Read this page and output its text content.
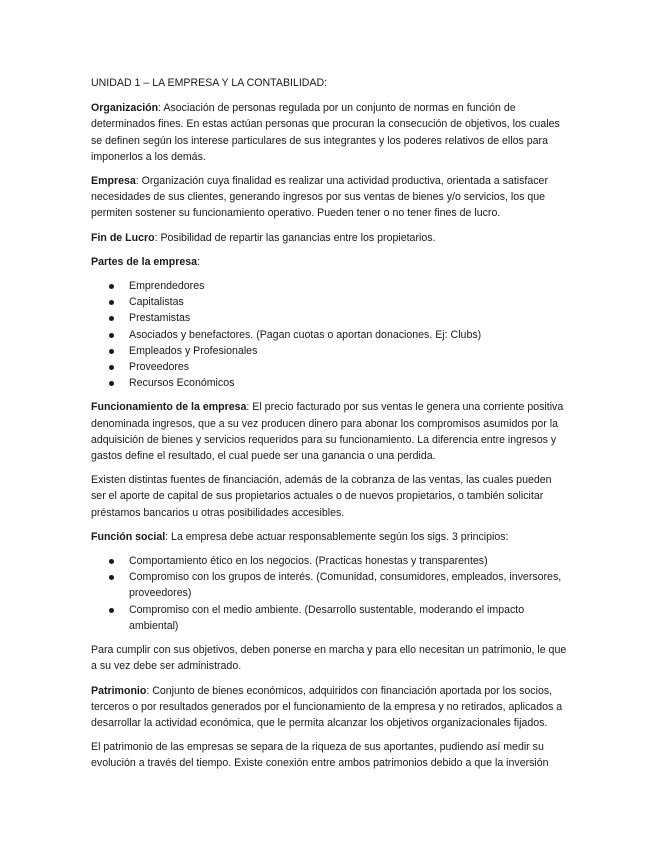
UNIDAD 1 – LA EMPRESA Y LA CONTABILIDAD:

Organización: Asociación de personas regulada por un conjunto de normas en función de determinados fines. En estas actúan personas que procuran la consecución de objetivos, los cuales se definen según los interese particulares de sus integrantes y los poderes relativos de ellos para imponerlos a los demás.

Empresa: Organización cuya finalidad es realizar una actividad productiva, orientada a satisfacer necesidades de sus clientes, generando ingresos por sus ventas de bienes y/o servicios, los que permiten sostener su funcionamiento operativo. Pueden tener o no tener fines de lucro.

Fin de Lucro: Posibilidad de repartir las ganancias entre los propietarios.

Partes de la empresa:

Emprendedores
Capitalistas
Prestamistas
Asociados y benefactores. (Pagan cuotas o aportan donaciones. Ej: Clubs)
Empleados y Profesionales
Proveedores
Recursos Económicos

Funcionamiento de la empresa: El precio facturado por sus ventas le genera una corriente positiva denominada ingresos, que a su vez producen dinero para abonar los compromisos asumidos por la adquisición de bienes y servicios requeridos para su funcionamiento. La diferencia entre ingresos y gastos define el resultado, el cual puede ser una ganancia o una perdida.

Existen distintas fuentes de financiación, además de la cobranza de las ventas, las cuales pueden ser el aporte de capital de sus propietarios actuales o de nuevos propietarios, o también solicitar préstamos bancarios u otras posibilidades accesibles.

Función social: La empresa debe actuar responsablemente según los sigs. 3 principios:

Comportamiento ético en los negocios. (Practicas honestas y transparentes)
Compromiso con los grupos de interés. (Comunidad, consumidores, empleados, inversores, proveedores)
Compromiso con el medio ambiente. (Desarrollo sustentable, moderando el impacto ambiental)

Para cumplir con sus objetivos, deben ponerse en marcha y para ello necesitan un patrimonio, le que a su vez debe ser administrado.

Patrimonio: Conjunto de bienes económicos, adquiridos con financiación aportada por los socios, terceros o por resultados generados por el funcionamiento de la empresa y no retirados, aplicados a desarrollar la actividad económica, que le permita alcanzar los objetivos organizacionales fijados.

El patrimonio de las empresas se separa de la riqueza de sus aportantes, pudiendo así medir su evolución a través del tiempo. Existe conexión entre ambos patrimonios debido a que la inversión
